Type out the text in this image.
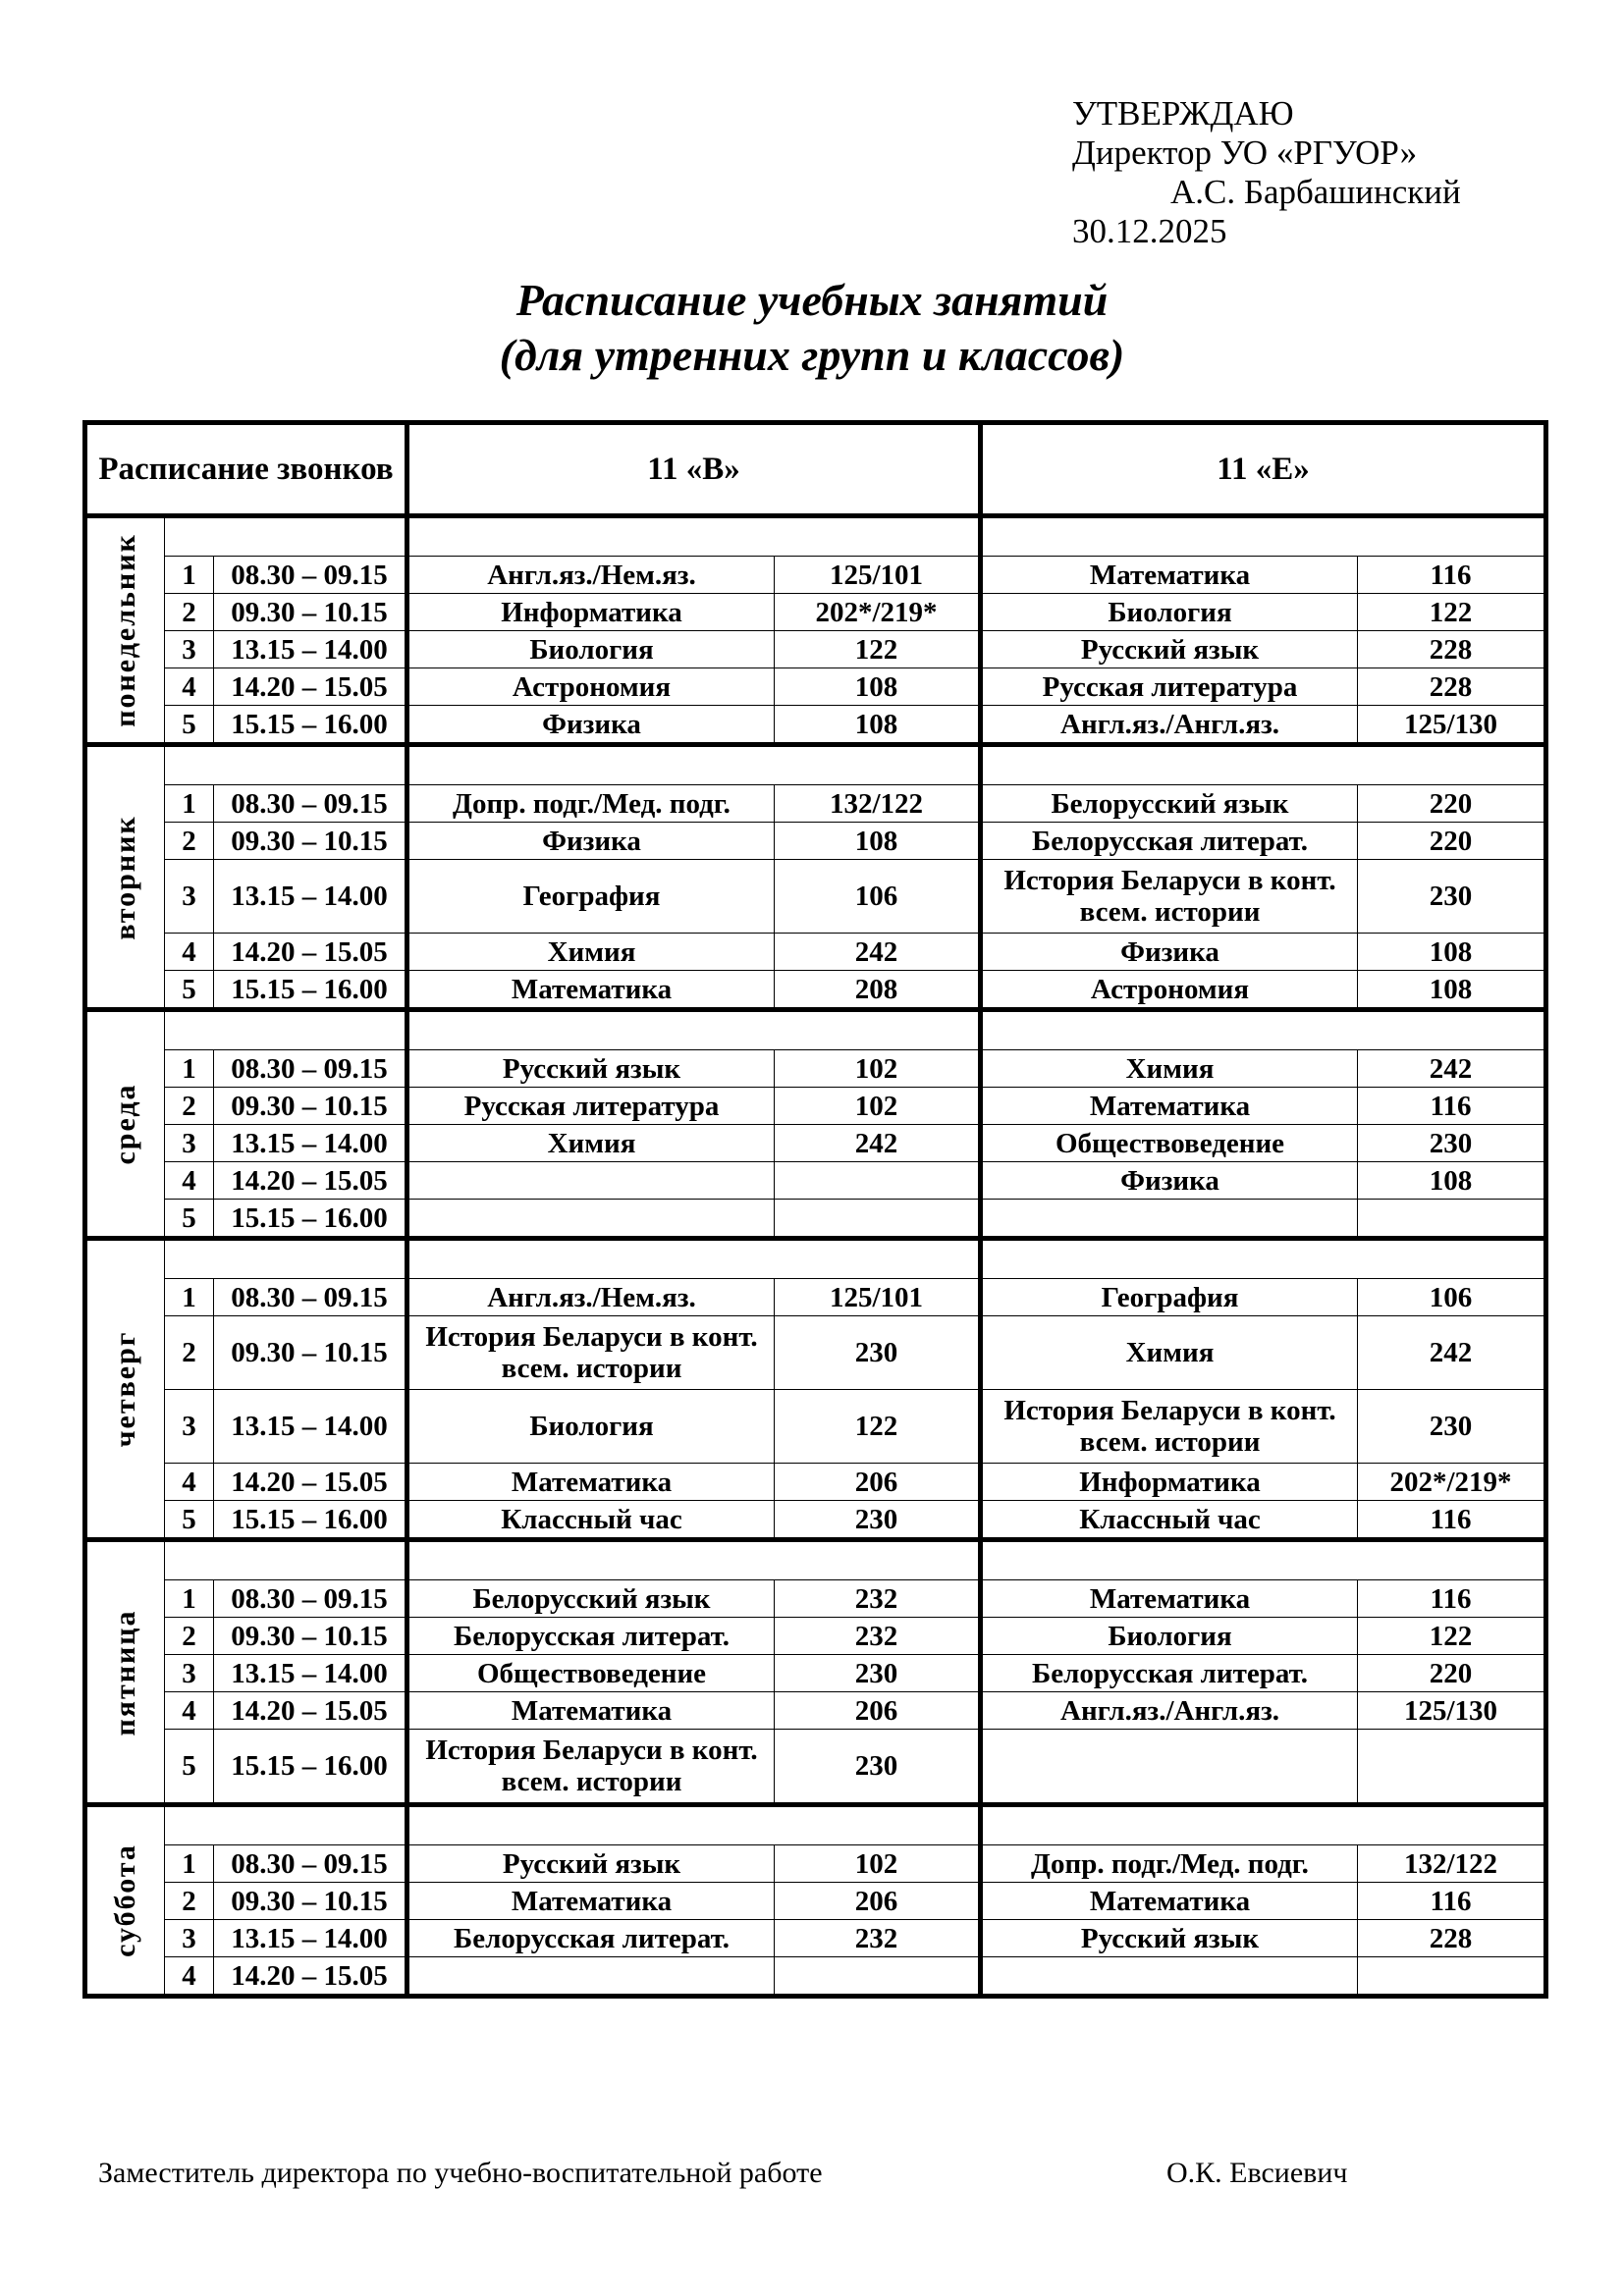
УТВЕРЖДАЮ
Директор УО «РГУОР»
А.С. Барбашинский
30.12.2025
Расписание учебных занятий
(для утренних групп и классов)
Расписание звонков			11 «В»		11 «Е»	

понедельник						

	1	08.30 – 09.15	Англ.яз./Нем.яз.	125/101	Математика	116
	2	09.30 – 10.15	Информатика	202*/219*	Биология	122
	3	13.15 – 14.00	Биология	122	Русский язык	228
	4	14.20 – 15.05	Астрономия	108	Русская литература	228
	5	15.15 – 16.00	Физика	108	Англ.яз./Англ.яз.	125/130

вторник						

	1	08.30 – 09.15	Допр. подг./Мед. подг.	132/122	Белорусский язык	220
	2	09.30 – 10.15	Физика	108	Белорусская литерат.	220
	3	13.15 – 14.00	География	106	История Беларуси в конт. всем. истории	230
	4	14.20 – 15.05	Химия	242	Физика	108
	5	15.15 – 16.00	Математика	208	Астрономия	108

среда						

	1	08.30 – 09.15	Русский язык	102	Химия	242
	2	09.30 – 10.15	Русская литература	102	Математика	116
	3	13.15 – 14.00	Химия	242	Обществоведение	230
	4	14.20 – 15.05			Физика	108
	5	15.15 – 16.00				

четверг						

	1	08.30 – 09.15	Англ.яз./Нем.яз.	125/101	География	106
	2	09.30 – 10.15	История Беларуси в конт. всем. истории	230	Химия	242
	3	13.15 – 14.00	Биология	122	История Беларуси в конт. всем. истории	230
	4	14.20 – 15.05	Математика	206	Информатика	202*/219*
	5	15.15 – 16.00	Классный час	230	Классный час	116

пятница						

	1	08.30 – 09.15	Белорусский язык	232	Математика	116
	2	09.30 – 10.15	Белорусская литерат.	232	Биология	122
	3	13.15 – 14.00	Обществоведение	230	Белорусская литерат.	220
	4	14.20 – 15.05	Математика	206	Англ.яз./Англ.яз.	125/130
	5	15.15 – 16.00	История Беларуси в конт. всем. истории	230		

суббота						

	1	08.30 – 09.15	Русский язык	102	Допр. подг./Мед. подг.	132/122
	2	09.30 – 10.15	Математика	206	Математика	116
	3	13.15 – 14.00	Белорусская литерат.	232	Русский язык	228
	4	14.20 – 15.05				
Заместитель директора по учебно-воспитательной работе	О.К. Евсиевич
